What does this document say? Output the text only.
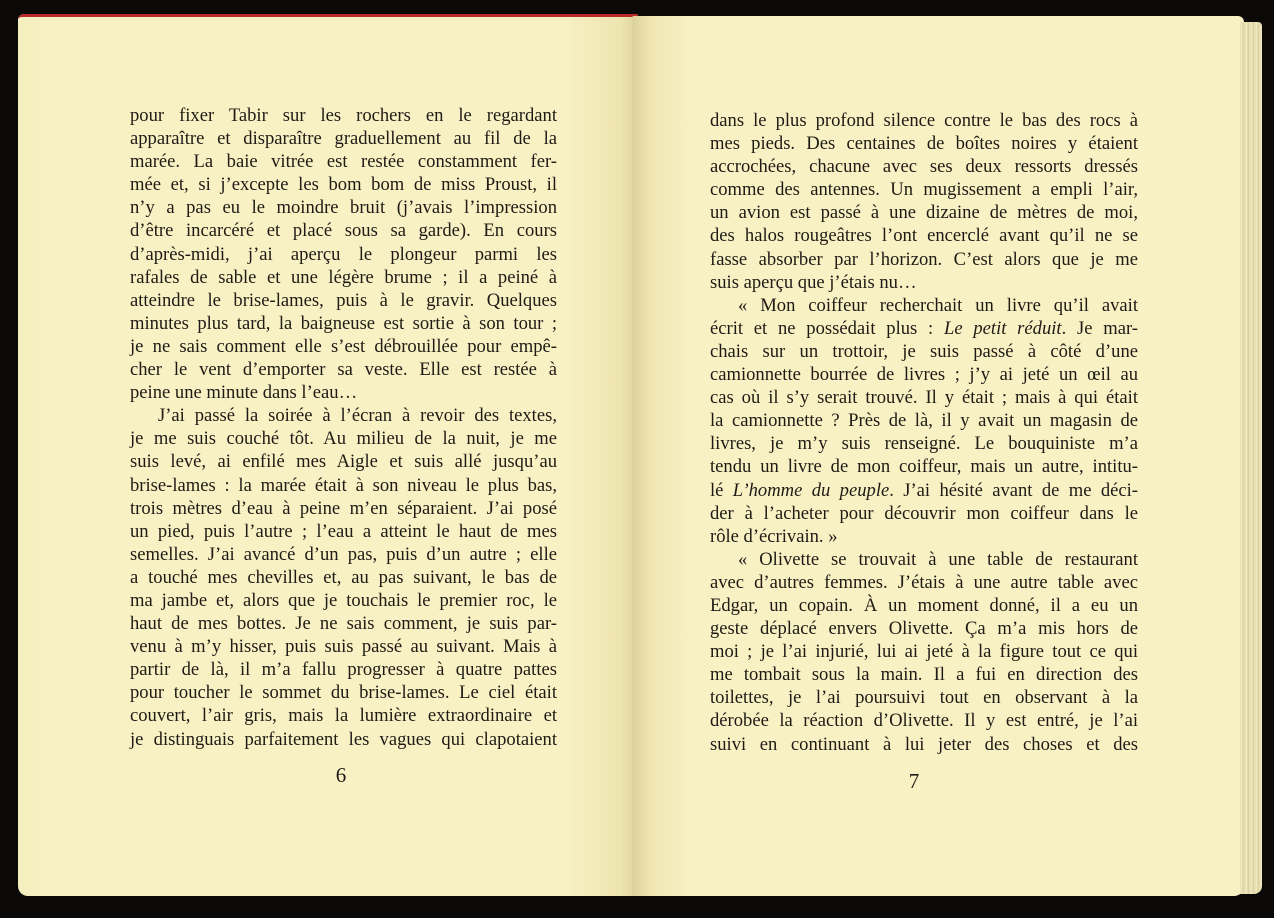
pour fixer Tabir sur les rochers en le regardant
apparaître et disparaître graduellement au fil de la
marée. La baie vitrée est restée constamment fer-
mée et, si j’excepte les bom bom de miss Proust, il
n’y a pas eu le moindre bruit (j’avais l’impression
d’être incarcéré et placé sous sa garde). En cours
d’après-midi, j’ai aperçu le plongeur parmi les
rafales de sable et une légère brume ; il a peiné à
atteindre le brise-lames, puis à le gravir. Quelques
minutes plus tard, la baigneuse est sortie à son tour ;
je ne sais comment elle s’est débrouillée pour empê-
cher le vent d’emporter sa veste. Elle est restée à
peine une minute dans l’eau…
J’ai passé la soirée à l’écran à revoir des textes,
je me suis couché tôt. Au milieu de la nuit, je me
suis levé, ai enfilé mes Aigle et suis allé jusqu’au
brise-lames : la marée était à son niveau le plus bas,
trois mètres d’eau à peine m’en séparaient. J’ai posé
un pied, puis l’autre ; l’eau a atteint le haut de mes
semelles. J’ai avancé d’un pas, puis d’un autre ; elle
a touché mes chevilles et, au pas suivant, le bas de
ma jambe et, alors que je touchais le premier roc, le
haut de mes bottes. Je ne sais comment, je suis par-
venu à m’y hisser, puis suis passé au suivant. Mais à
partir de là, il m’a fallu progresser à quatre pattes
pour toucher le sommet du brise-lames. Le ciel était
couvert, l’air gris, mais la lumière extraordinaire et
je distinguais parfaitement les vagues qui clapotaient
6
dans le plus profond silence contre le bas des rocs à
mes pieds. Des centaines de boîtes noires y étaient
accrochées, chacune avec ses deux ressorts dressés
comme des antennes. Un mugissement a empli l’air,
un avion est passé à une dizaine de mètres de moi,
des halos rougeâtres l’ont encerclé avant qu’il ne se
fasse absorber par l’horizon. C’est alors que je me
suis aperçu que j’étais nu…
« Mon coiffeur recherchait un livre qu’il avait
écrit et ne possédait plus : Le petit réduit. Je mar-
chais sur un trottoir, je suis passé à côté d’une
camionnette bourrée de livres ; j’y ai jeté un œil au
cas où il s’y serait trouvé. Il y était ; mais à qui était
la camionnette ? Près de là, il y avait un magasin de
livres, je m’y suis renseigné. Le bouquiniste m’a
tendu un livre de mon coiffeur, mais un autre, intitu-
lé L’homme du peuple. J’ai hésité avant de me déci-
der à l’acheter pour découvrir mon coiffeur dans le
rôle d’écrivain. »
« Olivette se trouvait à une table de restaurant
avec d’autres femmes. J’étais à une autre table avec
Edgar, un copain. À un moment donné, il a eu un
geste déplacé envers Olivette. Ça m’a mis hors de
moi ; je l’ai injurié, lui ai jeté à la figure tout ce qui
me tombait sous la main. Il a fui en direction des
toilettes, je l’ai poursuivi tout en observant à la
dérobée la réaction d’Olivette. Il y est entré, je l’ai
suivi en continuant à lui jeter des choses et des
7
